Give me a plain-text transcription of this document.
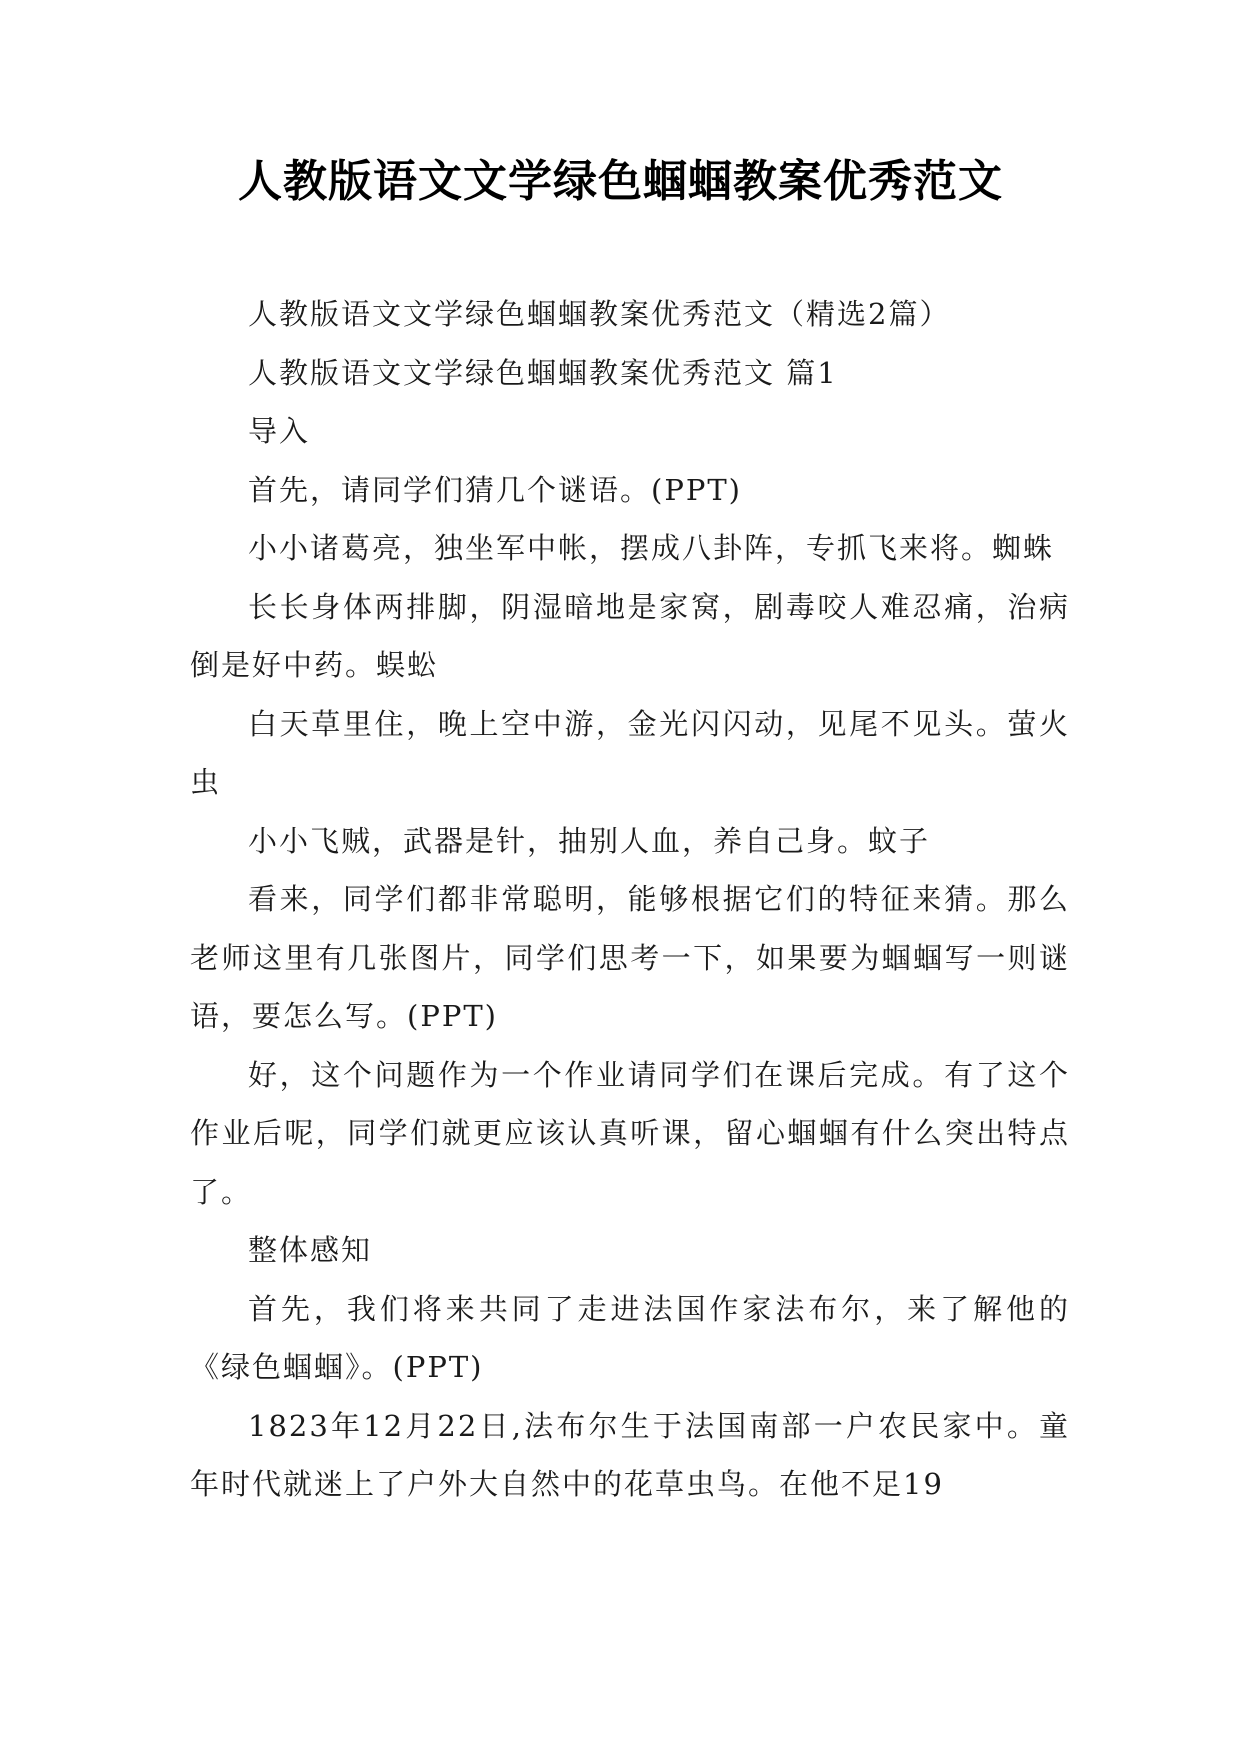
人教版语文文学绿色蝈蝈教案优秀范文

人教版语文文学绿色蝈蝈教案优秀范文（精选2篇）

人教版语文文学绿色蝈蝈教案优秀范文 篇1

导入

首先，请同学们猜几个谜语。(PPT)

小小诸葛亮，独坐军中帐，摆成八卦阵，专抓飞来将。蜘蛛

长长身体两排脚，阴湿暗地是家窝，剧毒咬人难忍痛，治病倒是好中药。蜈蚣

白天草里住，晚上空中游，金光闪闪动，见尾不见头。萤火虫

小小飞贼，武器是针，抽别人血，养自己身。蚊子

看来，同学们都非常聪明，能够根据它们的特征来猜。那么老师这里有几张图片，同学们思考一下，如果要为蝈蝈写一则谜语，要怎么写。(PPT)

好，这个问题作为一个作业请同学们在课后完成。有了这个作业后呢，同学们就更应该认真听课，留心蝈蝈有什么突出特点了。

整体感知

首先，我们将来共同了走进法国作家法布尔，来了解他的《绿色蝈蝈》。(PPT)

1823年12月22日,法布尔生于法国南部一户农民家中。童年时代就迷上了户外大自然中的花草虫鸟。在他不足19
